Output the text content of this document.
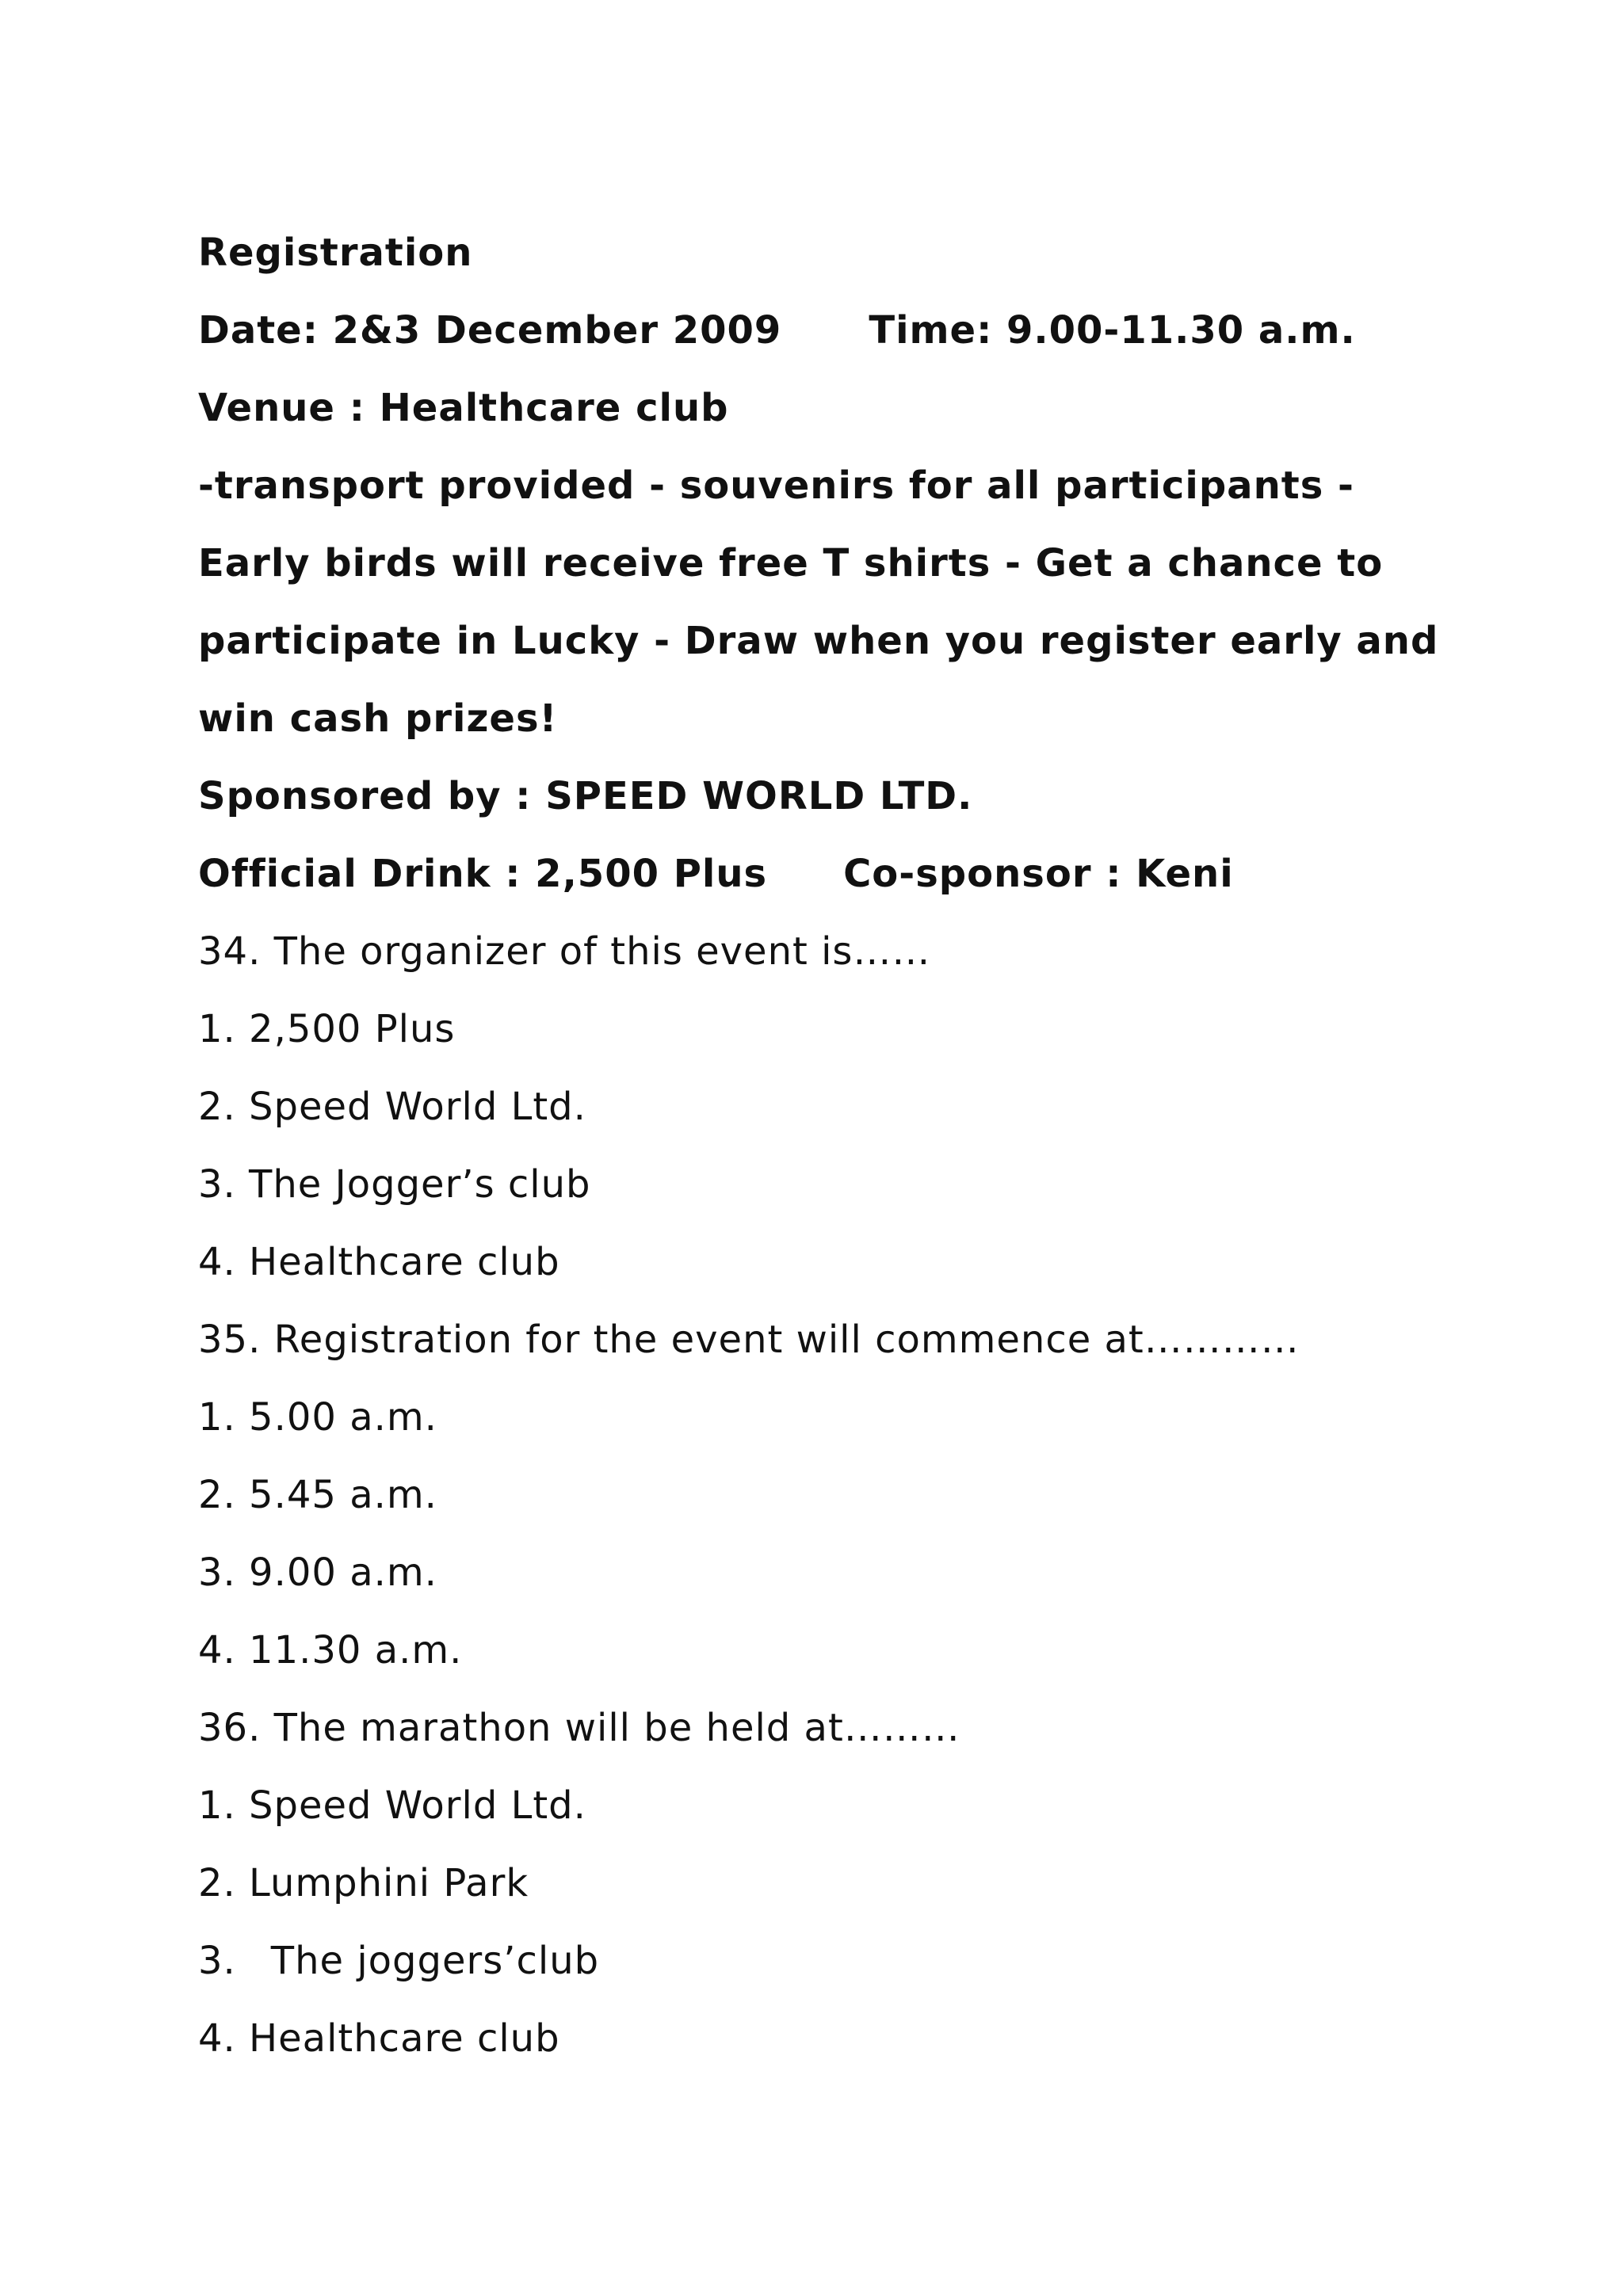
Registration
Date: 2&3 December 2009 Time: 9.00-11.30 a.m.
Venue : Healthcare club
-transport provided - souvenirs for all participants -
Early birds will receive free T shirts - Get a chance to
participate in Lucky - Draw when you register early and
win cash prizes!
Sponsored by : SPEED WORLD LTD.
Official Drink : 2,500 Plus Co-sponsor : Keni
34. The organizer of this event is……
1. 2,500 Plus
2. Speed World Ltd.
3. The Jogger’s club
4. Healthcare club
35. Registration for the event will commence at…………
1. 5.00 a.m.
2. 5.45 a.m.
3. 9.00 a.m.
4. 11.30 a.m.
36. The marathon will be held at………
1. Speed World Ltd.
2. Lumphini Park
3. The joggers’club
4. Healthcare club
